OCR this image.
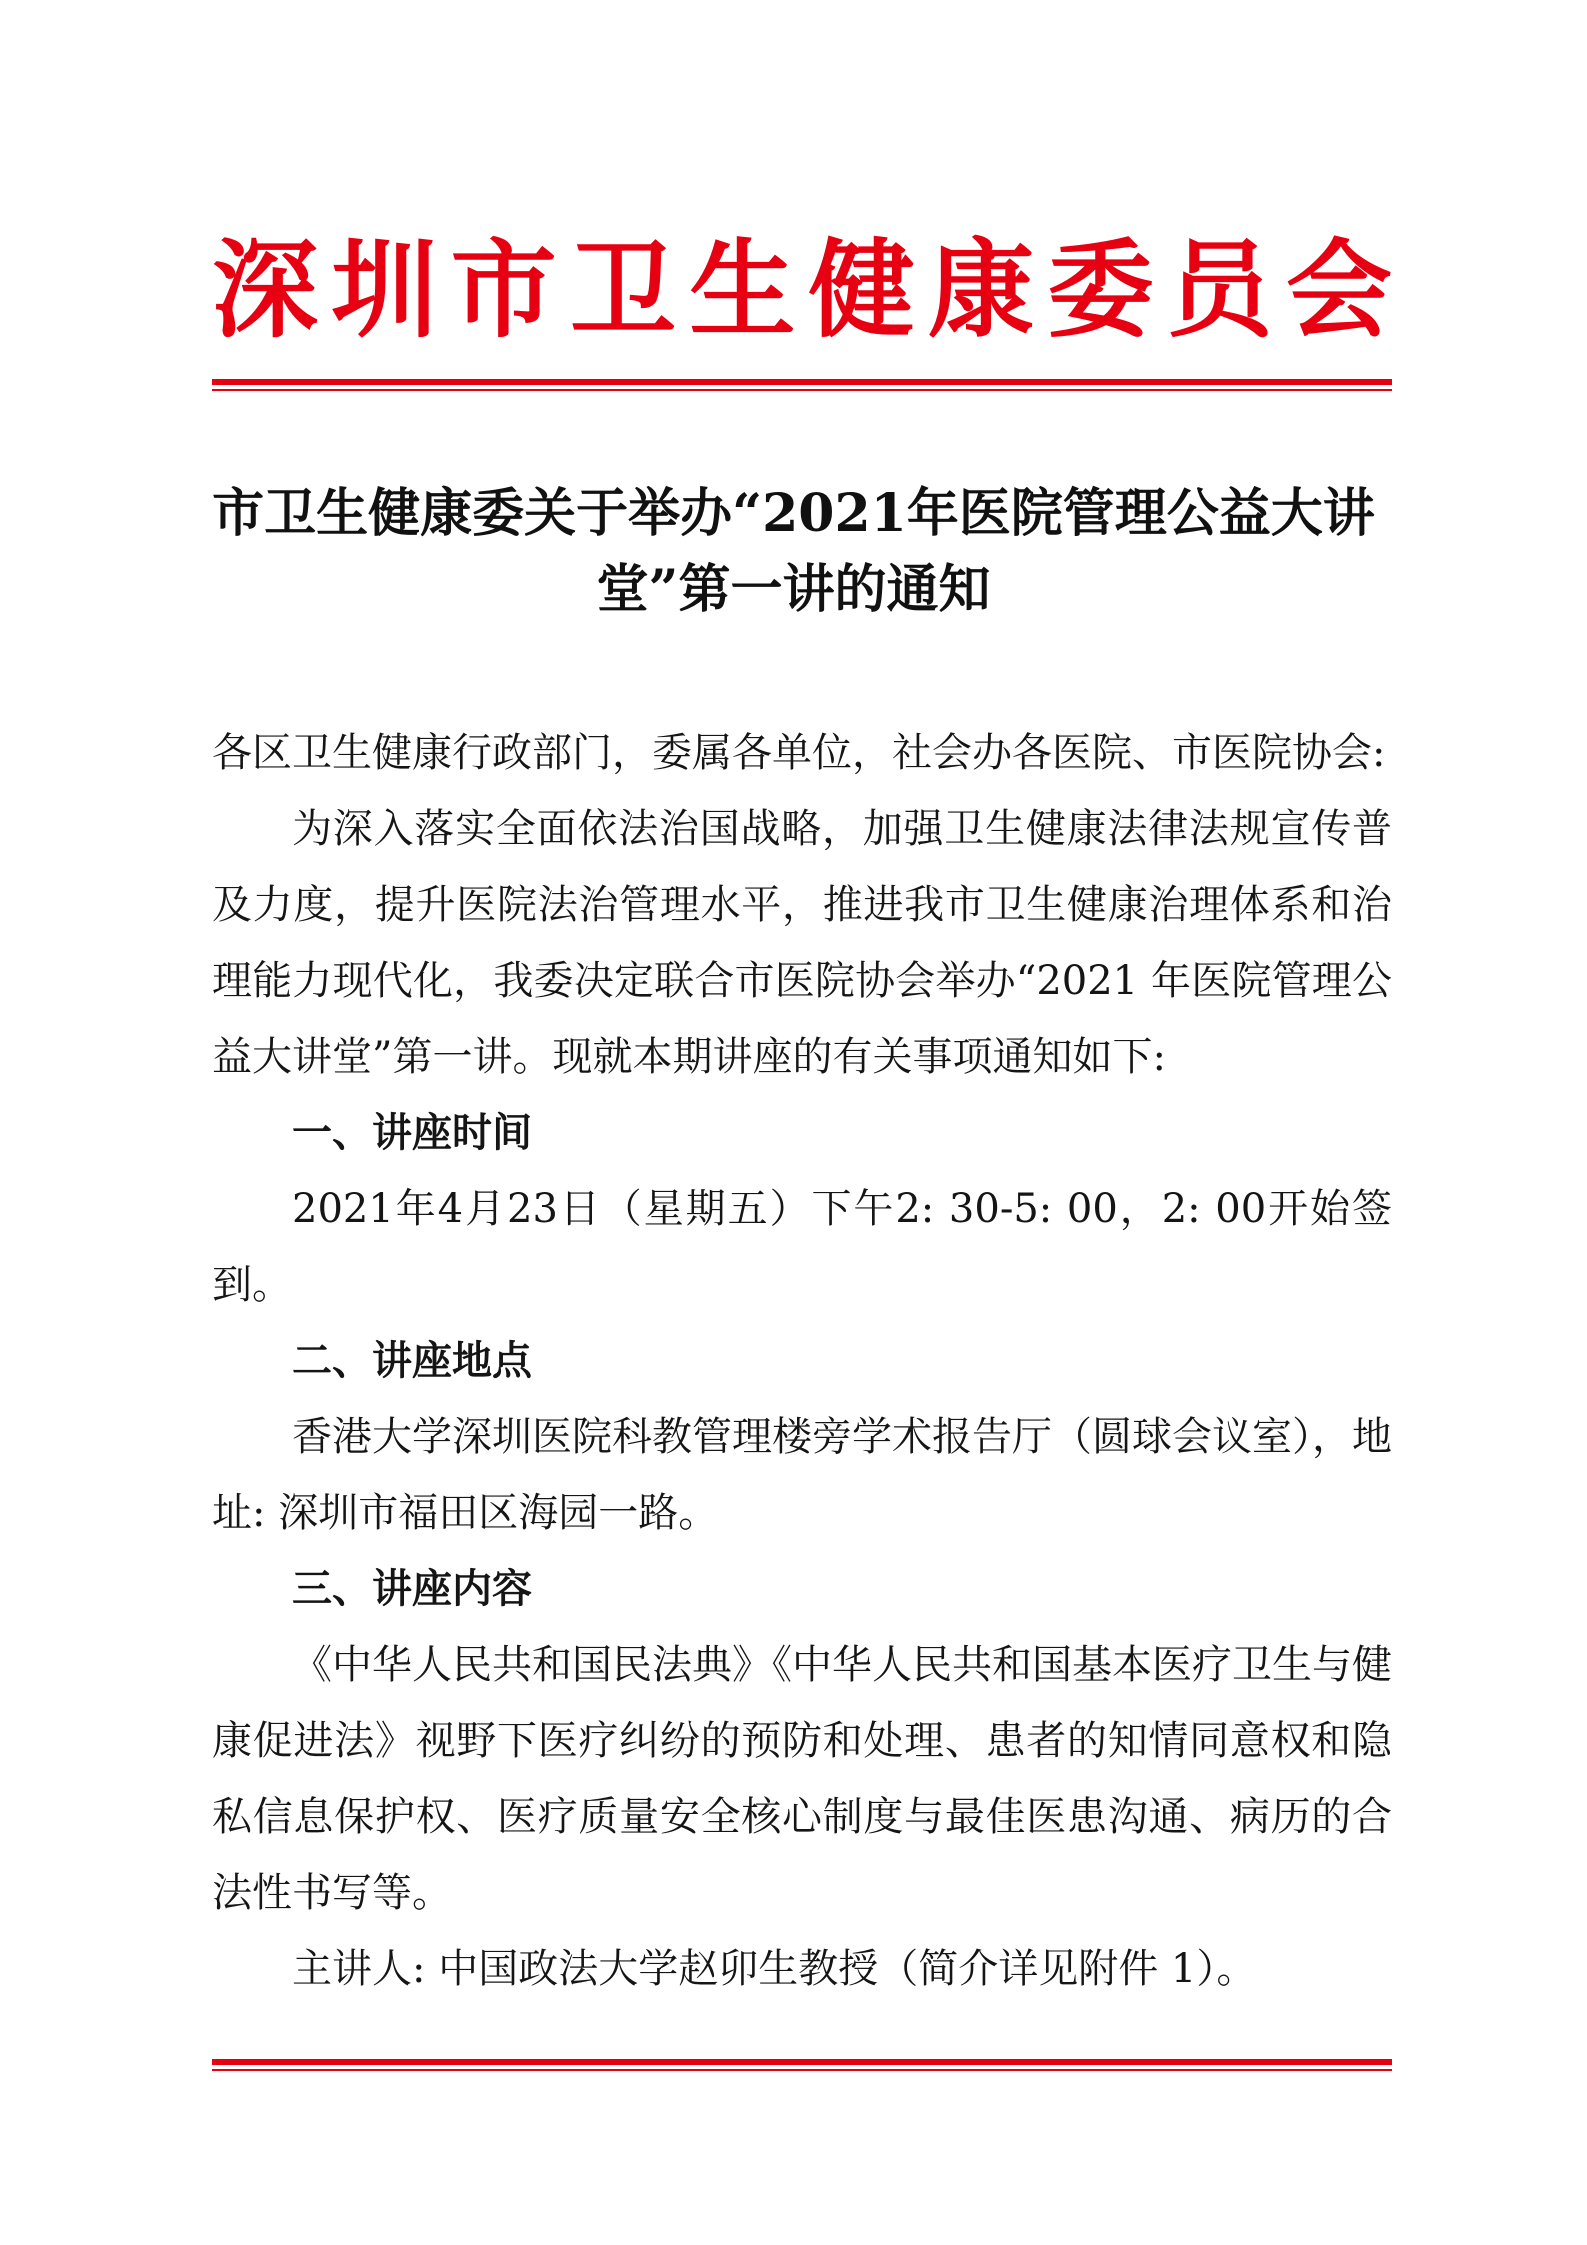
深圳市卫生健康委员会
市卫生健康委关于举办“2021年医院管理公益大讲堂”第一讲的通知

各区卫生健康行政部门，委属各单位，社会办各医院、市医院协会:

为深入落实全面依法治国战略，加强卫生健康法律法规宣传普及力度，提升医院法治管理水平，推进我市卫生健康治理体系和治理能力现代化，我委决定联合市医院协会举办“2021 年医院管理公益大讲堂”第一讲。现就本期讲座的有关事项通知如下:

一、讲座时间

2021年4月23日（星期五）下午2: 30-5: 00，2: 00开始签到。

二、讲座地点

香港大学深圳医院科教管理楼旁学术报告厅（圆球会议室），地址: 深圳市福田区海园一路。

三、讲座内容

《中华人民共和国民法典》《中华人民共和国基本医疗卫生与健康促进法》视野下医疗纠纷的预防和处理、患者的知情同意权和隐私信息保护权、医疗质量安全核心制度与最佳医患沟通、病历的合法性书写等。

主讲人: 中国政法大学赵卯生教授（简介详见附件 1）。
